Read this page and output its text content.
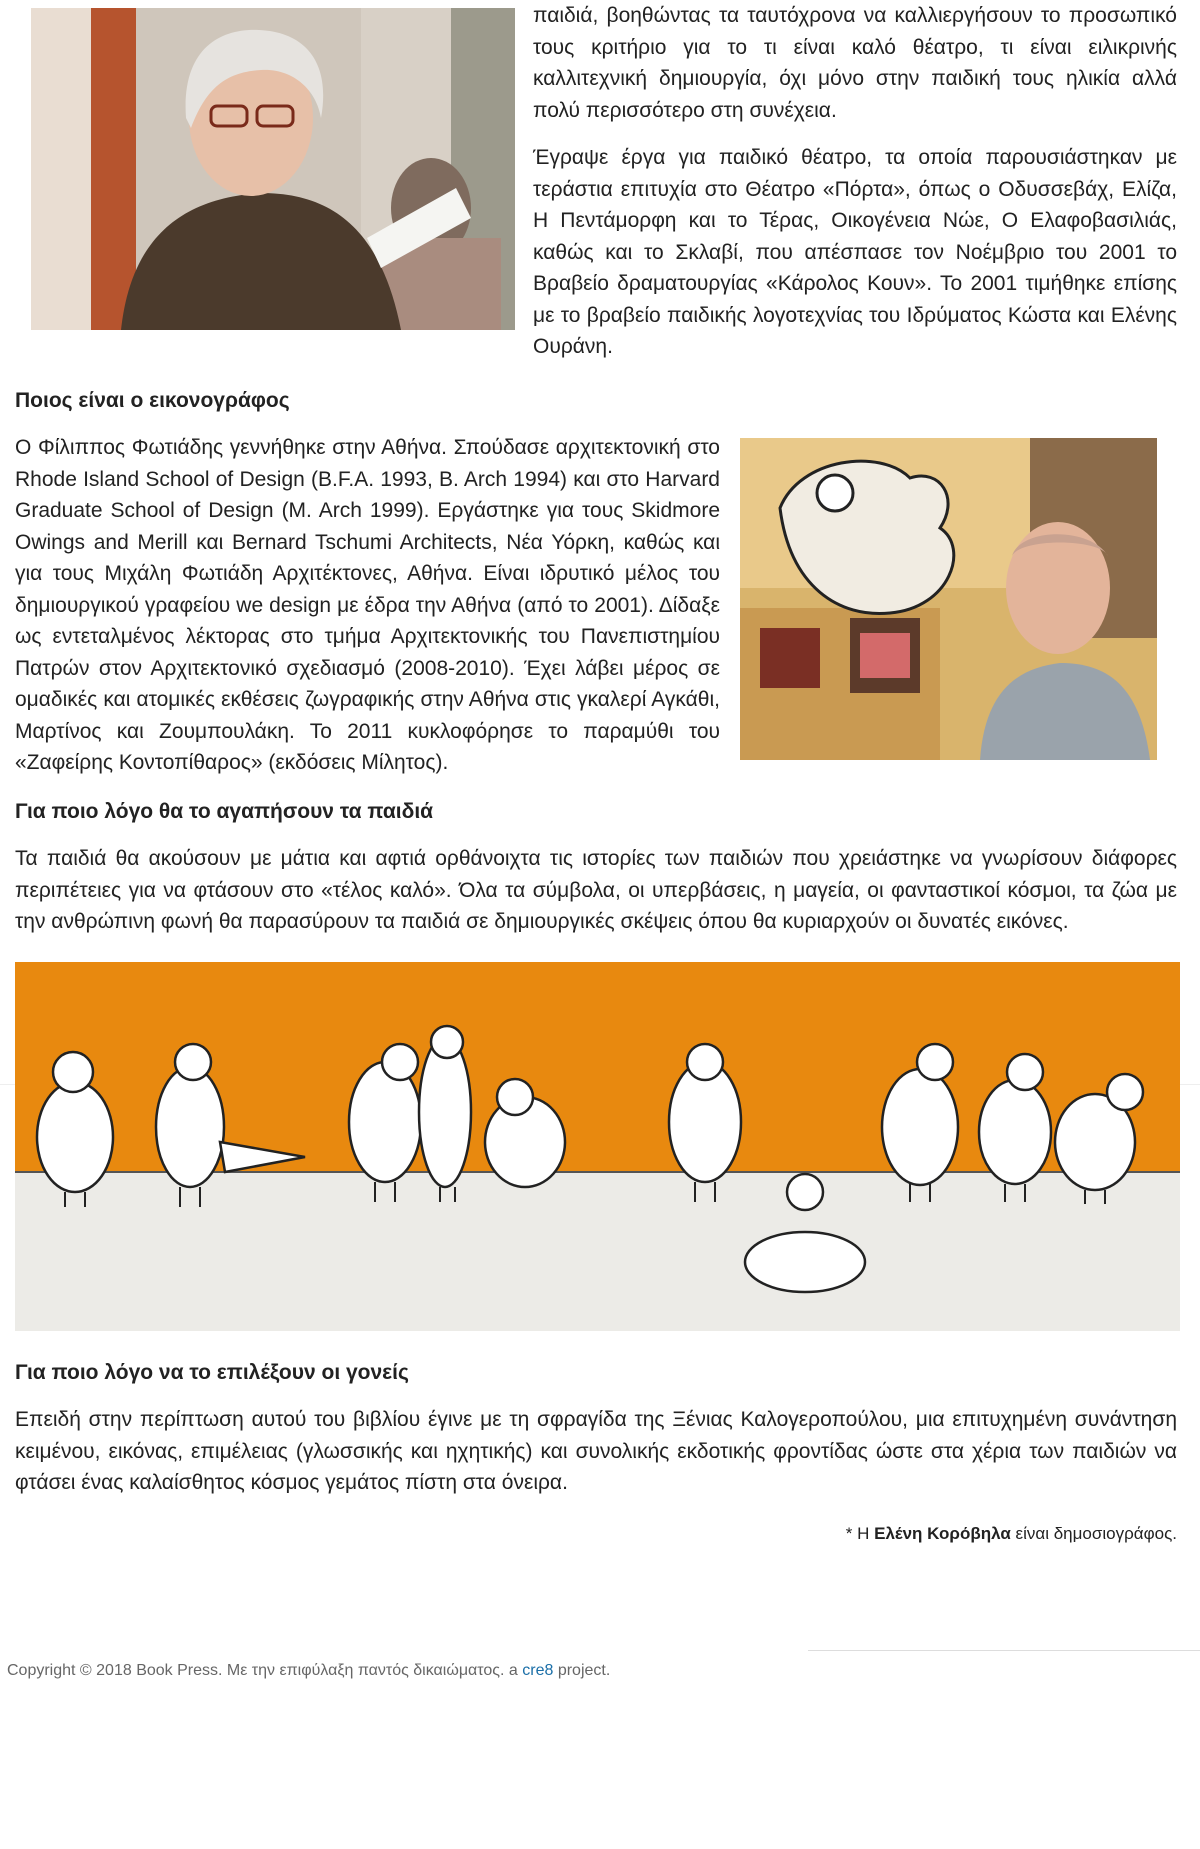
παιδιά, βοηθώντας τα ταυτόχρονα να καλλιεργήσουν το προσωπικό τους κριτήριο για το τι είναι καλό θέατρο, τι είναι ειλικρινής καλλιτεχνική δημιουργία, όχι μόνο στην παιδική τους ηλικία αλλά πολύ περισσότερο στη συνέχεια.

Έγραψε έργα για παιδικό θέατρο, τα οποία παρουσιάστηκαν με τεράστια επιτυχία στο Θέατρο «Πόρτα», όπως ο Οδυσσεβάχ, Ελίζα, Η Πεντάμορφη και το Τέρας, Οικογένεια Νώε, Ο Ελαφοβασιλιάς, καθώς και το Σκλαβί, που απέσπασε τον Νοέμβριο του 2001 το Βραβείο δραματουργίας «Κάρολος Κουν». Το 2001 τιμήθηκε επίσης με το βραβείο παιδικής λογοτεχνίας του Ιδρύματος Κώστα και Ελένης Ουράνη.

Ποιος είναι ο εικονογράφος

Ο Φίλιππος Φωτιάδης γεννήθηκε στην Αθήνα. Σπούδασε αρχιτεκτονική στο Rhode Island School of Design (B.F.A. 1993, B. Arch 1994) και στο Harvard Graduate School of Design (M. Arch 1999). Εργάστηκε για τους Skidmore Owings and Merill και Bernard Tschumi Architects, Νέα Υόρκη, καθώς και για τους Μιχάλη Φωτιάδη Αρχιτέκτονες, Αθήνα. Είναι ιδρυτικό μέλος του δημιουργικού γραφείου we design με έδρα την Αθήνα (από το 2001). Δίδαξε ως εντεταλμένος λέκτορας στο τμήμα Αρχιτεκτονικής του Πανεπιστημίου Πατρών στον Αρχιτεκτονικό σχεδιασμό (2008-2010). Έχει λάβει μέρος σε ομαδικές και ατομικές εκθέσεις ζωγραφικής στην Αθήνα στις γκαλερί Αγκάθι, Μαρτίνος και Ζουμπουλάκη. Το 2011 κυκλοφόρησε το παραμύθι του «Ζαφείρης Κοντοπίθαρος» (εκδόσεις Μίλητος).

Για ποιο λόγο θα το αγαπήσουν τα παιδιά

Τα παιδιά θα ακούσουν με μάτια και αφτιά ορθάνοιχτα τις ιστορίες των παιδιών που χρειάστηκε να γνωρίσουν διάφορες περιπέτειες για να φτάσουν στο «τέλος καλό». Όλα τα σύμβολα, οι υπερβάσεις, η μαγεία, οι φανταστικοί κόσμοι, τα ζώα με την ανθρώπινη φωνή θα παρασύρουν τα παιδιά σε δημιουργικές σκέψεις όπου θα κυριαρχούν οι δυνατές εικόνες.

Για ποιο λόγο να το επιλέξουν οι γονείς

Επειδή στην περίπτωση αυτού του βιβλίου έγινε με τη σφραγίδα της Ξένιας Καλογεροπούλου, μια επιτυχημένη συνάντηση κειμένου, εικόνας, επιμέλειας (γλωσσικής και ηχητικής) και συνολικής εκδοτικής φροντίδας ώστε στα χέρια των παιδιών να φτάσει ένας καλαίσθητος κόσμος γεμάτος πίστη στα όνειρα.

* Η Ελένη Κορόβηλα είναι δημοσιογράφος.

Copyright © 2018 Book Press. Με την επιφύλαξη παντός δικαιώματος. a cre8 project.
